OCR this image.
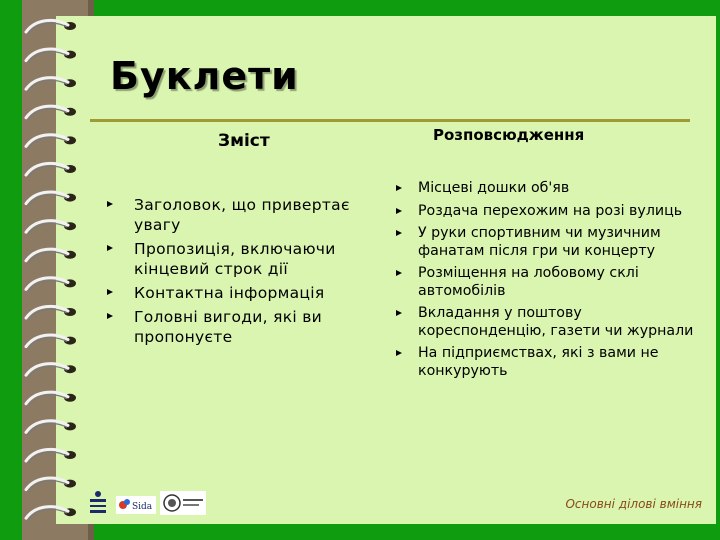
Буклети
Зміст	Розповсюдження
Заголовок, що привертає увагу
Пропозиція, включаючи кінцевий строк дії
Контактна інформація
Головні вигоди, які ви пропонуєте
Місцеві дошки об'яв
Роздача перехожим на розі вулиць
У руки спортивним чи музичним фанатам після гри чи концерту
Розміщення на лобовому склі автомобілів
Вкладання у поштову кореспонденцію, газети чи журнали
На підприємствах, які з вами не конкурують
Sida	Основні ділові вміння
